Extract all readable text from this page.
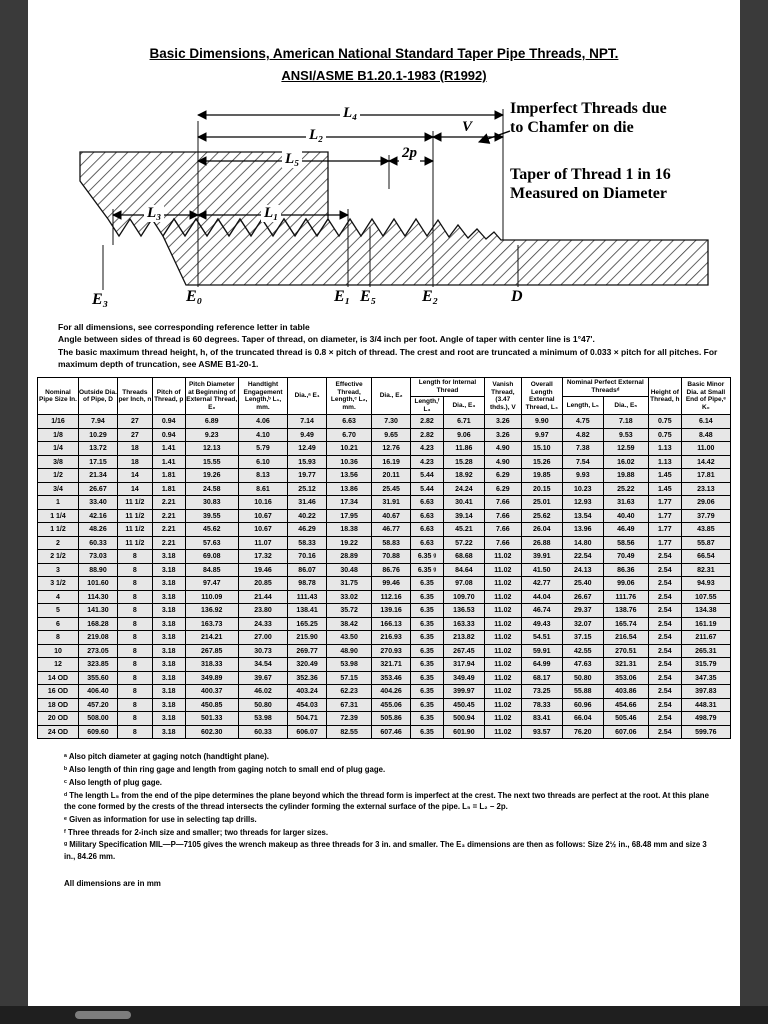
Basic Dimensions, American National Standard Taper Pipe Threads, NPT.
ANSI/ASME B1.20.1-1983 (R1992)
L₄
L₂	V
L₅	2p
L₃	L₁
E₃	E₀	E₁ E₅	E₂	D
Imperfect Threads due
to Chamfer on die
Taper of Thread 1 in 16
Measured on Diameter
For all dimensions, see corresponding reference letter in table
Angle between sides of thread is 60 degrees. Taper of thread, on diameter, is 3/4 inch per foot. Angle of taper with center line is 1°47'.
The basic maximum thread height, h, of the truncated thread is 0.8 × pitch of thread. The crest and root are truncated a minimum of 0.033 × pitch for all pitches. For maximum depth of truncation, see ASME B1-20-1.
Nominal Pipe Size In.	Outside Dia. of Pipe, D	Threads per Inch, n	Pitch of Thread, p	Pitch Diameter at Beginning of External Thread, E₀	Handtight Engagement Length,ᵇ L₁, mm.	Dia.,ᵃ E₁	Effective Thread, Length,ᶜ L₂, mm.	Dia., E₂	Length for Internal Thread		Vanish Thread, (3.47 thds.), V	Overall Length External Thread, L₄	Nominal Perfect External Threadsᵈ		Height of Thread, h	Basic Minor Dia. at Small End of Pipe,ᵉ K₀
									Length,ᶠ L₃	Dia., E₃			Length, L₅	Dia., E₅		
1/16	7.94	27	0.94	6.89	4.06	7.14	6.63	7.30	2.82	6.71	3.26	9.90	4.75	7.18	0.75	6.14
1/8	10.29	27	0.94	9.23	4.10	9.49	6.70	9.65	2.82	9.06	3.26	9.97	4.82	9.53	0.75	8.48
1/4	13.72	18	1.41	12.13	5.79	12.49	10.21	12.76	4.23	11.86	4.90	15.10	7.38	12.59	1.13	11.00
3/8	17.15	18	1.41	15.55	6.10	15.93	10.36	16.19	4.23	15.28	4.90	15.26	7.54	16.02	1.13	14.42
1/2	21.34	14	1.81	19.26	8.13	19.77	13.56	20.11	5.44	18.92	6.29	19.85	9.93	19.88	1.45	17.81
3/4	26.67	14	1.81	24.58	8.61	25.12	13.86	25.45	5.44	24.24	6.29	20.15	10.23	25.22	1.45	23.13
1	33.40	11 1/2	2.21	30.83	10.16	31.46	17.34	31.91	6.63	30.41	7.66	25.01	12.93	31.63	1.77	29.06
1 1/4	42.16	11 1/2	2.21	39.55	10.67	40.22	17.95	40.67	6.63	39.14	7.66	25.62	13.54	40.40	1.77	37.79
1 1/2	48.26	11 1/2	2.21	45.62	10.67	46.29	18.38	46.77	6.63	45.21	7.66	26.04	13.96	46.49	1.77	43.85
2	60.33	11 1/2	2.21	57.63	11.07	58.33	19.22	58.83	6.63	57.22	7.66	26.88	14.80	58.56	1.77	55.87
2 1/2	73.03	8	3.18	69.08	17.32	70.16	28.89	70.88	6.35 ᵍ	68.68	11.02	39.91	22.54	70.49	2.54	66.54
3	88.90	8	3.18	84.85	19.46	86.07	30.48	86.76	6.35 ᵍ	84.64	11.02	41.50	24.13	86.36	2.54	82.31
3 1/2	101.60	8	3.18	97.47	20.85	98.78	31.75	99.46	6.35	97.08	11.02	42.77	25.40	99.06	2.54	94.93
4	114.30	8	3.18	110.09	21.44	111.43	33.02	112.16	6.35	109.70	11.02	44.04	26.67	111.76	2.54	107.55
5	141.30	8	3.18	136.92	23.80	138.41	35.72	139.16	6.35	136.53	11.02	46.74	29.37	138.76	2.54	134.38
6	168.28	8	3.18	163.73	24.33	165.25	38.42	166.13	6.35	163.33	11.02	49.43	32.07	165.74	2.54	161.19
8	219.08	8	3.18	214.21	27.00	215.90	43.50	216.93	6.35	213.82	11.02	54.51	37.15	216.54	2.54	211.67
10	273.05	8	3.18	267.85	30.73	269.77	48.90	270.93	6.35	267.45	11.02	59.91	42.55	270.51	2.54	265.31
12	323.85	8	3.18	318.33	34.54	320.49	53.98	321.71	6.35	317.94	11.02	64.99	47.63	321.31	2.54	315.79
14 OD	355.60	8	3.18	349.89	39.67	352.36	57.15	353.46	6.35	349.49	11.02	68.17	50.80	353.06	2.54	347.35
16 OD	406.40	8	3.18	400.37	46.02	403.24	62.23	404.26	6.35	399.97	11.02	73.25	55.88	403.86	2.54	397.83
18 OD	457.20	8	3.18	450.85	50.80	454.03	67.31	455.06	6.35	450.45	11.02	78.33	60.96	454.66	2.54	448.31
20 OD	508.00	8	3.18	501.33	53.98	504.71	72.39	505.86	6.35	500.94	11.02	83.41	66.04	505.46	2.54	498.79
24 OD	609.60	8	3.18	602.30	60.33	606.07	82.55	607.46	6.35	601.90	11.02	93.57	76.20	607.06	2.54	599.76
ᵃ Also pitch diameter at gaging notch (handtight plane).
ᵇ Also length of thin ring gage and length from gaging notch to small end of plug gage.
ᶜ Also length of plug gage.
ᵈ The length L₅ from the end of the pipe determines the plane beyond which the thread form is imperfect at the crest. The next two threads are perfect at the root. At this plane the cone formed by the crests of the thread intersects the cylinder forming the external surface of the pipe. L₅ = L₂ − 2p.
ᵉ Given as information for use in selecting tap drills.
ᶠ Three threads for 2-inch size and smaller; two threads for larger sizes.
ᵍ Military Specification MIL—P—7105 gives the wrench makeup as three threads for 3 in. and smaller. The E₃ dimensions are then as follows: Size 2½ in., 68.48 mm and size 3 in., 84.26 mm.
All dimensions are in mm
